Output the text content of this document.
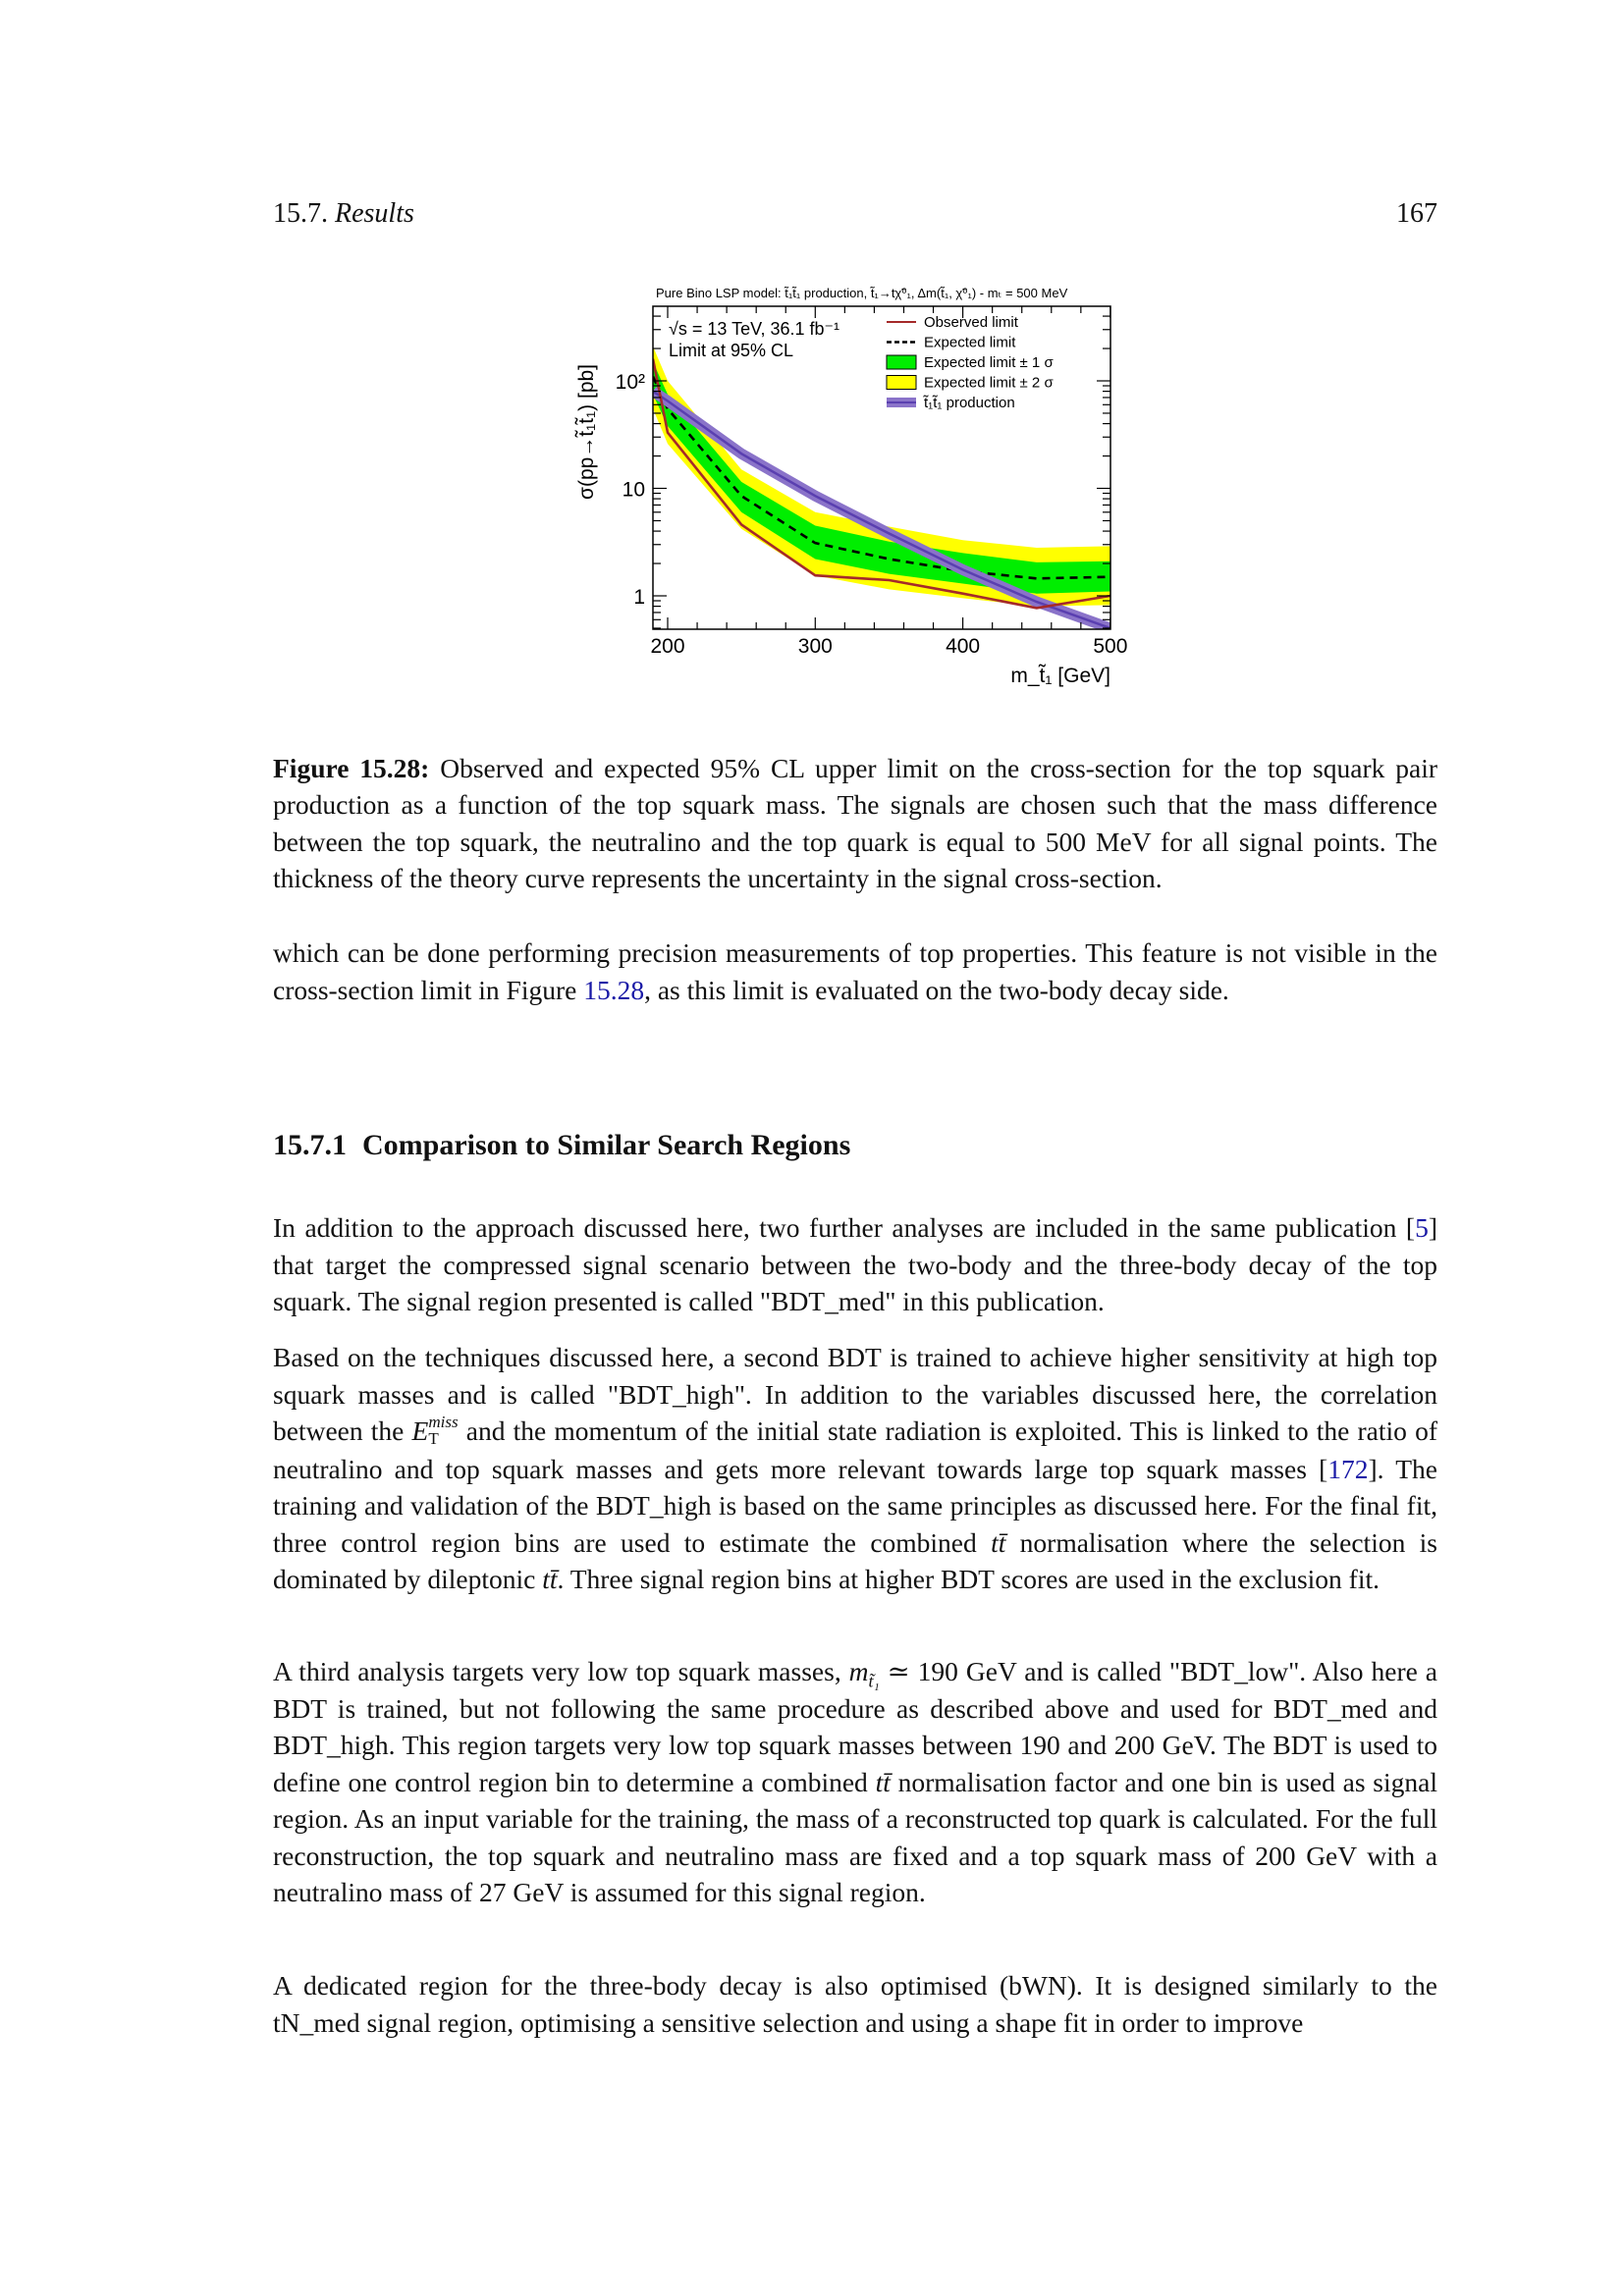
15.7. Results	167
Pure Bino LSP model: t̃₁t̃₁ production, t̃₁→tχ̃⁰₁, Δm(t̃₁, χ̃⁰₁) - mₜ = 500 MeV
200	300	400	500
1
10
10²
σ(pp→t̃₁t̃₁) [pb]
m_t̃₁ [GeV]
√s = 13 TeV, 36.1 fb⁻¹
Limit at 95% CL
Observed limit
Expected limit
Expected limit ± 1 σ
Expected limit ± 2 σ
t̃₁t̃₁ production

Figure 15.28: Observed and expected 95% CL upper limit on the cross-section for the top squark pair production as a function of the top squark mass. The signals are chosen such that the mass difference between the top squark, the neutralino and the top quark is equal to 500 MeV for all signal points. The thickness of the theory curve represents the uncertainty in the signal cross-section.

which can be done performing precision measurements of top properties. This feature is not visible in the cross-section limit in Figure 15.28, as this limit is evaluated on the two-body decay side.

15.7.1 Comparison to Similar Search Regions

In addition to the approach discussed here, two further analyses are included in the same publication [5] that target the compressed signal scenario between the two-body and the three-body decay of the top squark. The signal region presented is called "BDT_med" in this publication.

Based on the techniques discussed here, a second BDT is trained to achieve higher sensitivity at high top squark masses and is called "BDT_high". In addition to the variables discussed here, the correlation between the E miss
T and the momentum of the initial state radiation is exploited. This is linked to the ratio of neutralino and top squark masses and gets more relevant towards large top squark masses [172]. The training and validation of the BDT_high is based on the same principles as discussed here. For the final fit, three control region bins are used to estimate the combined tt̄ normalisation where the selection is dominated by dileptonic tt̄. Three signal region bins at higher BDT scores are used in the exclusion fit.

A third analysis targets very low top squark masses, $m_{t̃_1}$ ≃ 190 GeV and is called "BDT_low". Also here a BDT is trained, but not following the same procedure as described above and used for BDT_med and BDT_high. This region targets very low top squark masses between 190 and 200 GeV. The BDT is used to define one control region bin to determine a combined tt̄ normalisation factor and one bin is used as signal region. As an input variable for the training, the mass of a reconstructed top quark is calculated. For the full reconstruction, the top squark and neutralino mass are fixed and a top squark mass of 200 GeV with a neutralino mass of 27 GeV is assumed for this signal region.

A dedicated region for the three-body decay is also optimised (bWN). It is designed similarly to the tN_med signal region, optimising a sensitive selection and using a shape fit in order to improve
